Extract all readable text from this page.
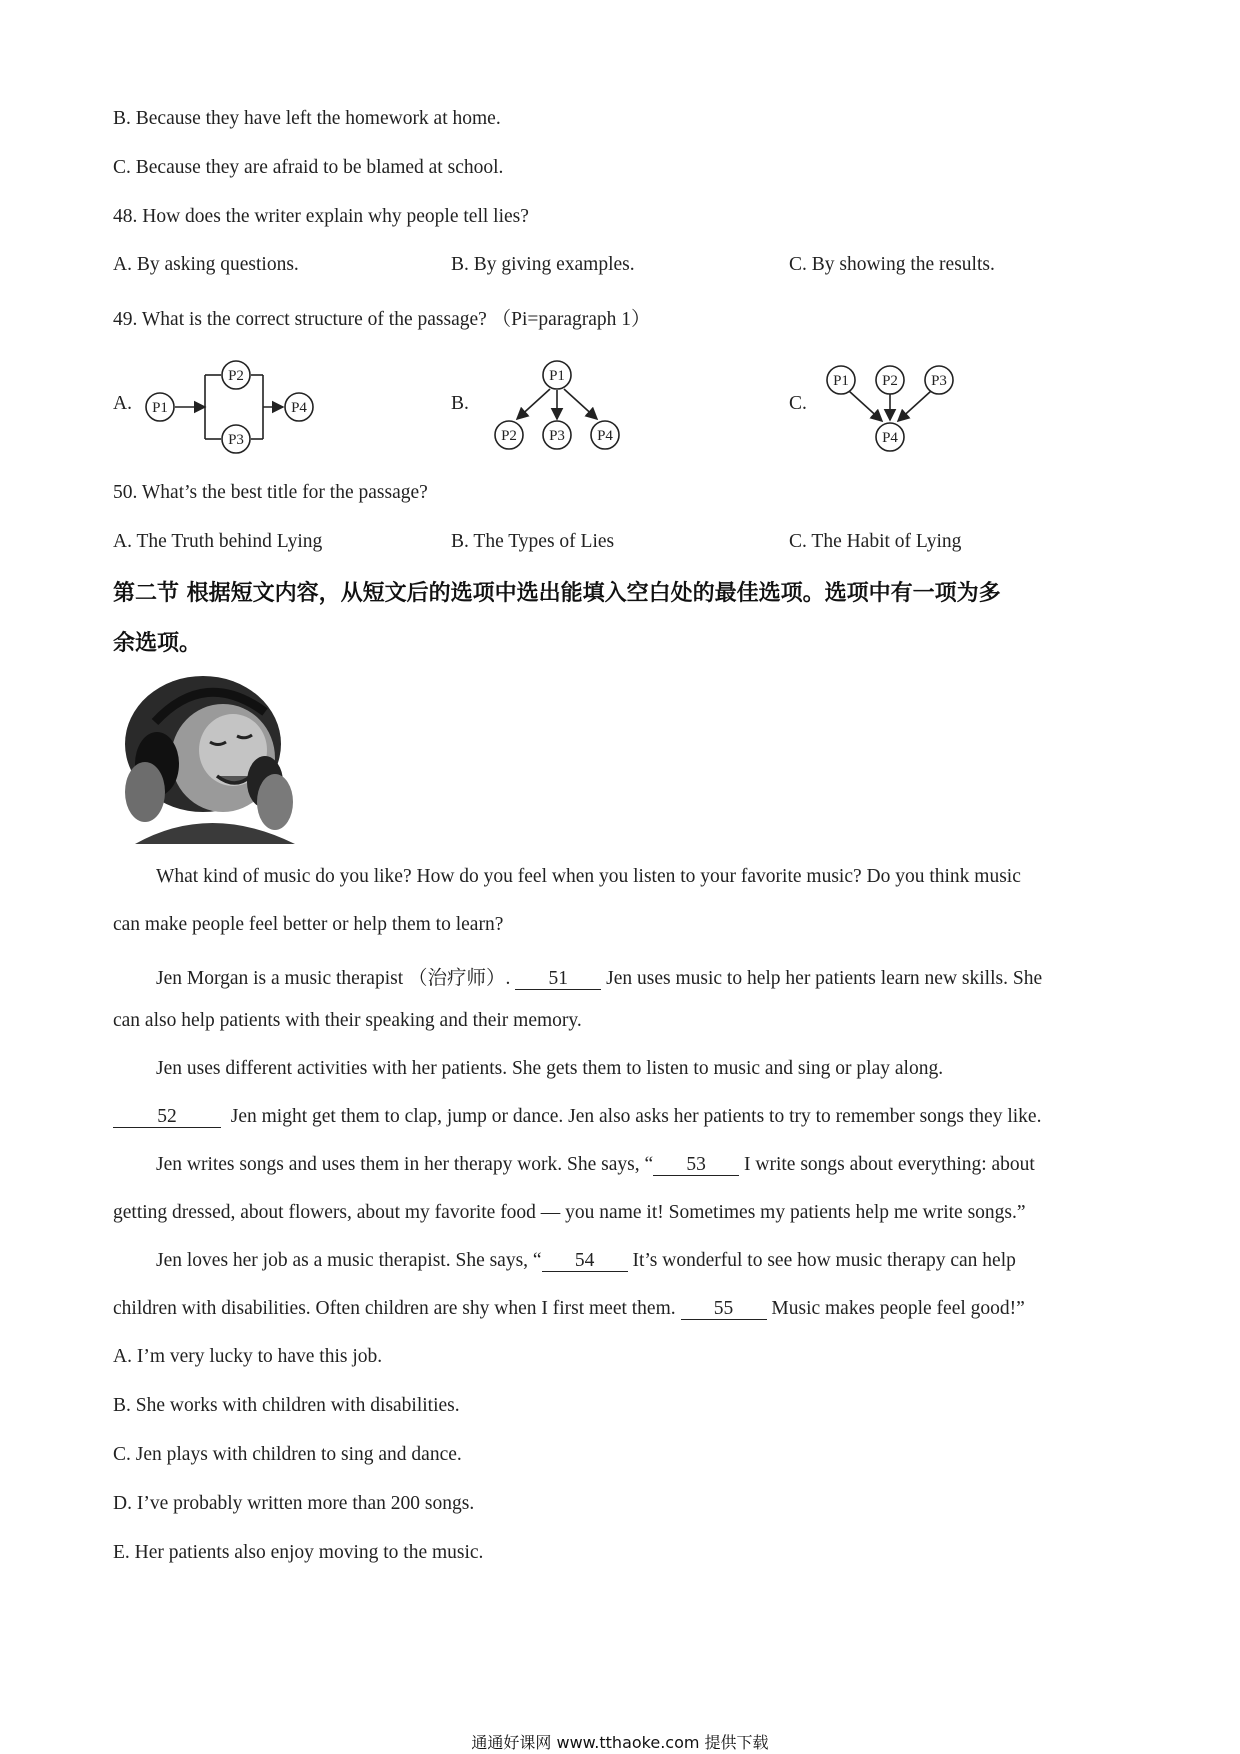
B. Because they have left the homework at home.
C. Because they are afraid to be blamed at school.
48. How does the writer explain why people tell lies?
A. By asking questions.	B. By giving examples.	C. By showing the results.
49. What is the correct structure of the passage? （Pi=paragraph 1）
A.	B.	C.
P1
P2
P3
P4
P1
P2 P3 P4
P1 P2 P3
P4
50. What’s the best title for the passage?
A. The Truth behind Lying	B. The Types of Lies	C. The Habit of Lying
第二节 根据短文内容，从短文后的选项中选出能填入空白处的最佳选项。选项中有一项为多
余选项。
What kind of music do you like? How do you feel when you listen to your favorite music? Do you think music
can make people feel better or help them to learn?
Jen Morgan is a music therapist （治疗师）. 51 Jen uses music to help her patients learn new skills. She
can also help patients with their speaking and their memory.
Jen uses different activities with her patients. She gets them to listen to music and sing or play along.
52	Jen might get them to clap, jump or dance. Jen also asks her patients to try to remember songs they like.
Jen writes songs and uses them in her therapy work. She says, “ 53 I write songs about everything: about
getting dressed, about flowers, about my favorite food — you name it! Sometimes my patients help me write songs.”
Jen loves her job as a music therapist. She says, “ 54 It’s wonderful to see how music therapy can help
children with disabilities. Often children are shy when I first meet them. 55 Music makes people feel good!”
A. I’m very lucky to have this job.
B. She works with children with disabilities.
C. Jen plays with children to sing and dance.
D. I’ve probably written more than 200 songs.
E. Her patients also enjoy moving to the music.
通通好课网 www.tthaoke.com 提供下载
